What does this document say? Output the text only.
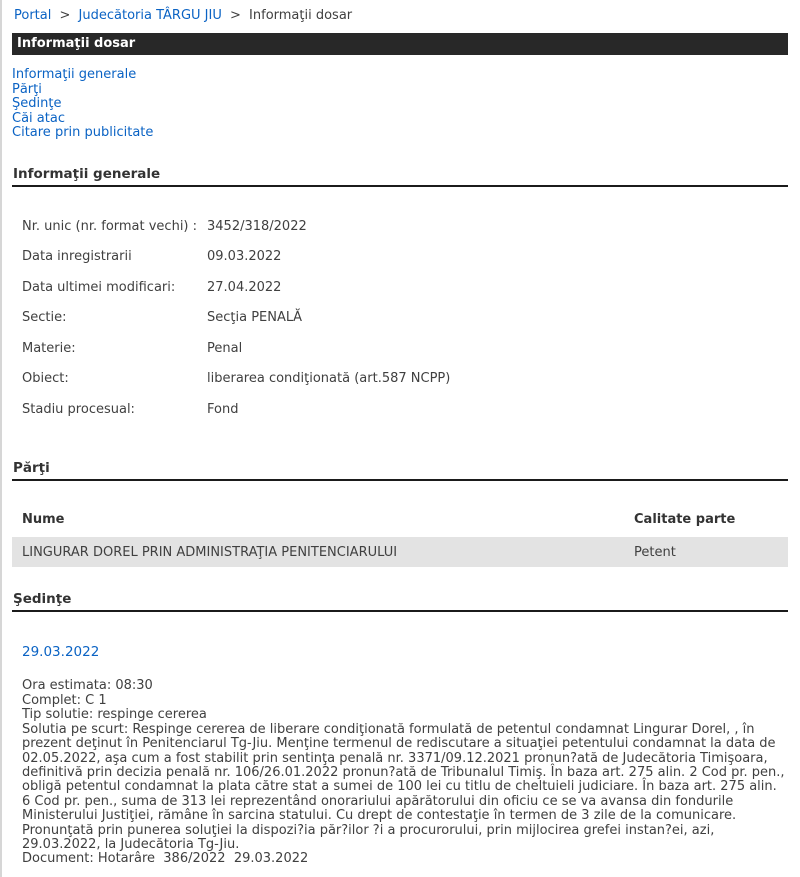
Portal > Judecătoria TÂRGU JIU > Informaţii dosar
Informaţii dosar
Informaţii generale
Părţi
Şedinţe
Căi atac
Citare prin publicitate
Informaţii generale
Nr. unic (nr. format vechi) : 3452/318/2022
Data inregistrarii	09.03.2022
Data ultimei modificari:	27.04.2022
Sectie:	Secţia PENALĂ
Materie:	Penal
Obiect:	liberarea condiţionată (art.587 NCPP)
Stadiu procesual:	Fond
Părţi
Nume	Calitate parte
LINGURAR DOREL PRIN ADMINISTRAŢIA PENITENCIARULUI	Petent
Şedinţe
29.03.2022
Ora estimata: 08:30
Complet: C 1
Tip solutie: respinge cererea
Solutia pe scurt: Respinge cererea de liberare condiţionată formulată de petentul condamnat Lingurar Dorel, , în prezent deţinut în Penitenciarul Tg-Jiu. Menţine termenul de rediscutare a situaţiei petentului condamnat la data de 02.05.2022, aşa cum a fost stabilit prin sentinţa penală nr. 3371/09.12.2021 pronun?ată de Judecătoria Timişoara, definitivă prin decizia penală nr. 106/26.01.2022 pronun?ată de Tribunalul Timiş. În baza art. 275 alin. 2 Cod pr. pen., obligă petentul condamnat la plata către stat a sumei de 100 lei cu titlu de cheltuieli judiciare. În baza art. 275 alin. 6 Cod pr. pen., suma de 313 lei reprezentând onorariului apărătorului din oficiu ce se va avansa din fondurile Ministerului Justiţiei, rămâne în sarcina statului. Cu drept de contestaţie în termen de 3 zile de la comunicare. Pronunţată prin punerea soluţiei la dispozi?ia păr?ilor ?i a procurorului, prin mijlocirea grefei instan?ei, azi, 29.03.2022, la Judecătoria Tg-Jiu.
Document: Hotarâre  386/2022  29.03.2022
